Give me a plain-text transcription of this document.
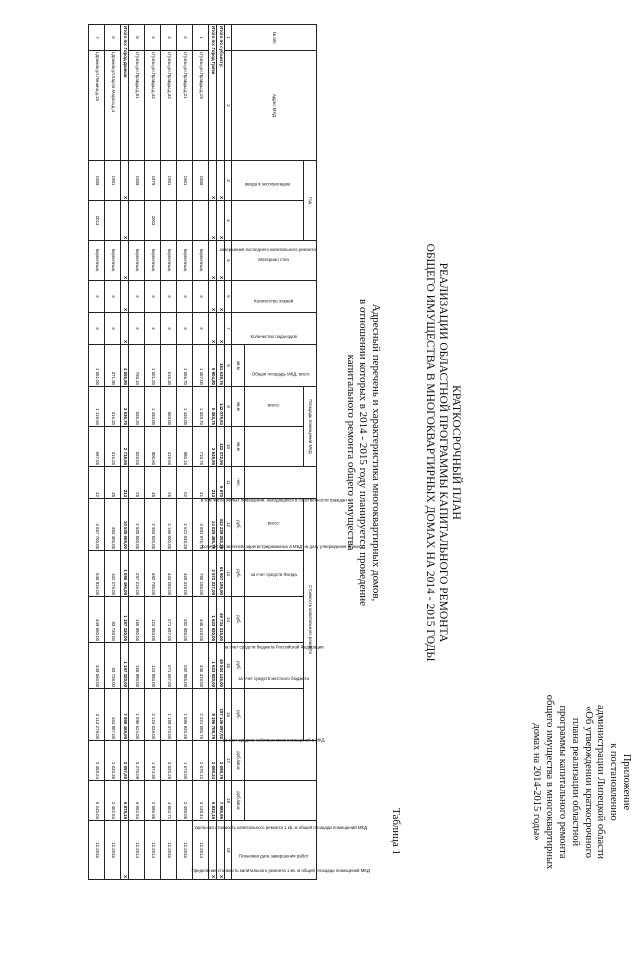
Приложение
к постановлению
администрации Липецкой области
«Об утверждении краткосрочного
плана реализации областной
программы капитального ремонта
общего имущества в многоквартирных
домах на 2014-2015 годы»
КРАТКОСРОЧНЫЙ ПЛАН
РЕАЛИЗАЦИИ ОБЛАСТНОЙ ПРОГРАММЫ КАПИТАЛЬНОГО РЕМОНТА
ОБЩЕГО ИМУЩЕСТВА В МНОГОКВАРТИРНЫХ ДОМАХ НА 2014 - 2015 ГОДЫ
Адресный перечень и характеристика многоквартирных домов,
в отношении которых в 2014 - 2015 году планируется проведение
капитального ремонта общего имущества
Таблица 1
№ п/п	Адрес МКД	Год		Материал стен	Количество этажей	Количество подъездов	Общая площадь МКД, всего	Площадь помещений МКД		Количество жителей, зарегистрированных в МКД на дату утверждения плана	Стоимость капитального ремонта					Удельная стоимость капитального ремонта 1 кв. м общей площади помещений МКД	Предельная стоимость капитального ремонта 1 кв. м общей площади помещений МКД	Плановая дата завершения работ
		ввода в эксплуатацию	завершения последнего капитального ремонта					всего:	в том числе жилых помещений, находящихся в собственности граждан		всего:	за счет средств Фонда	за счет средств бюджета Российской Федерации	за счет средств местного бюджета	за счет средств собственников помещений в МКД			
							кв.м	кв.м	кв.м	чел.	руб.	руб.	руб.	руб.	руб.	руб./кв.м	руб./кв.м	
1	2	3	4	5	6	7	8	9	10	11	12	13	14	15	16	17	18	19
Итого по субъекту:		X	X	X	X	X	161 538,76	142 079,63	122 372,90	6 870	342 228 252,29	61 907 195,00	49 734 315,00	49 534 145,00	197 136 097,02	2 098,78	7 985,95	X
Итого по: Город Грязи		X	X	X	X	X	5 904,80	5 383,75	3 549,90	213	14 025 485,78	2 572 237,00	1 623 920,00	1 623 920,00	8 196 708,78	2 068,34	6 832,16	X
1	г.Грязи,ул.Правды,д.19	1958		Кирпичные,	3	2	1 457,00	1 328,70	715,70	41	3 891 876,78	780 155,00	445 318,00	445 318,00	2 221 085,78	2 670,12	4 138,41	12.2014
2	г.Грязи,ул.Правды,д.21	1961		Кирпичные,	3	3	1 566,70	1 436,00	980,10	62	2 621 048,38	468 318,00	282 955,00	282 955,00	1 586 820,38	1 673,00	2 498,05	12.2015
3	г.Грязи,ул.Правды,д.33	1981		Кирпичные,	3	3	615,30	569,00	418,60	26	2 166 000,00	433 253,00	271 687,00	271 687,00	1 189 373,00	3 520,28	4 563,71	12.2015
4	г.Грязи,ул.Правды,д.43	1979	2003	Кирпичные,	3	4	1 501,20	1 493,00	900,60	45	2 963 820,00	592 795,00	123 993,00	123 993,00	2 123 039,00	1 974,30	2 586,95	12.2014
5	г.Грязи,ул.Правды,д.51	1959		Кирпичные,	2	2	765,10	535,20	528,00	28	2 505 800,00	297 216,00	155 980,00	155 980,00	1 896 624,00	3 275,09	6 052,53	12.2014
Итого по: Город Данков		X	X	X	X	X	4 055,90	3 536,70	2 718,50	213	10 535 605,00	1 090 496,00	1 197 320,00	1 197 320,00	7 950 469,00	2 597,60	6 878,19	X
6	г.Данков,ул.Карла Маркса,д.4	1981		Кирпичные,	3	3	371,90	316,20	316,20	35	384 305,00	102 276,00	83 738,00	83 738,00	334 887,00	1 033,35	2 402,53	12.2015
7	г.Данков,ул.Ленина,д.15	1959	2013	Кирпичные,	2	3	1 551,00	1 118,60	687,00	42	3 657 700,00	645 916,00	449 560,00	449 560,00	2 113 279,00	2 358,24	6 245,03	12.2015
